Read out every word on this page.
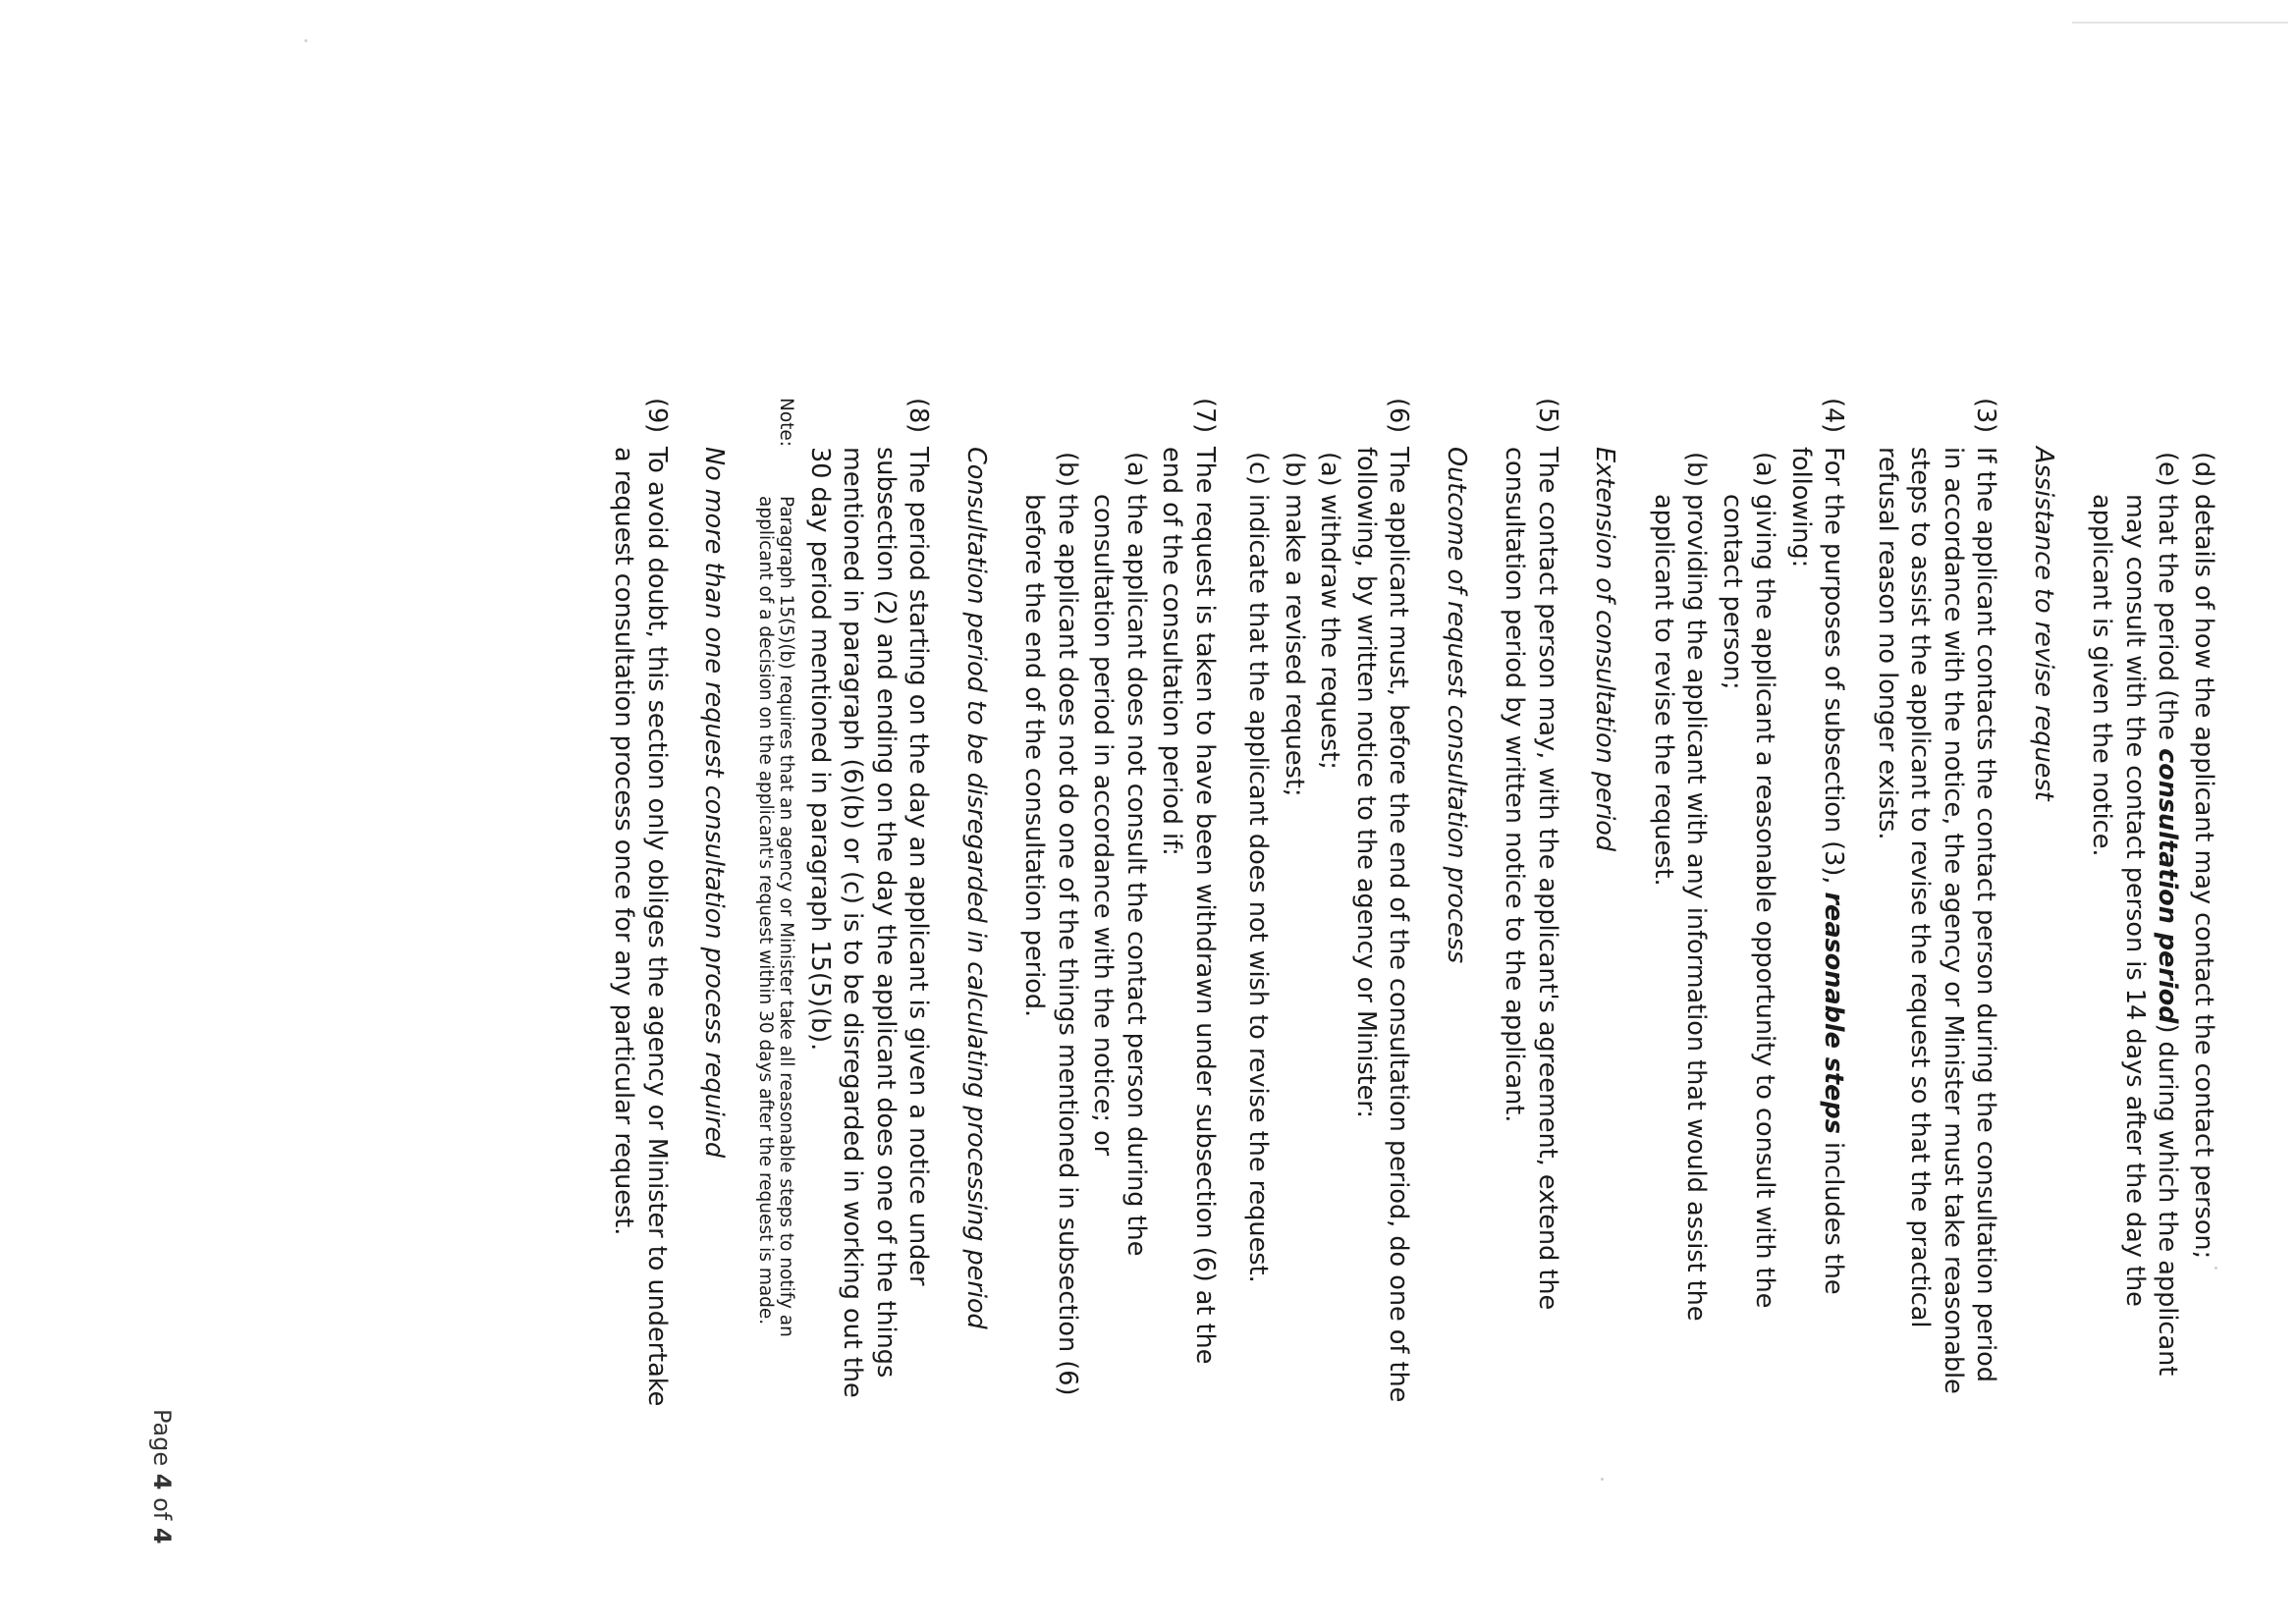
(d)
details of how the applicant may contact the contact person;

(e)
that the period (the consultation period) during which the applicant may consult with the contact person is 14 days after the day the applicant is given the notice.

Assistance to revise request

(3)
If the applicant contacts the contact person during the consultation period in accordance with the notice, the agency or Minister must take reasonable steps to assist the applicant to revise the request so that the practical refusal reason no longer exists.

(4)
For the purposes of subsection (3), reasonable steps includes the following:

(a)
giving the applicant a reasonable opportunity to consult with the contact person;

(b)
providing the applicant with any information that would assist the applicant to revise the request.

Extension of consultation period

(5)
The contact person may, with the applicant's agreement, extend the consultation period by written notice to the applicant.

Outcome of request consultation process

(6)
The applicant must, before the end of the consultation period, do one of the following, by written notice to the agency or Minister:

(a)
withdraw the request;

(b)
make a revised request;

(c)
indicate that the applicant does not wish to revise the request.

(7)
The request is taken to have been withdrawn under subsection (6) at the end of the consultation period if:

(a)
the applicant does not consult the contact person during the consultation period in accordance with the notice; or

(b)
the applicant does not do one of the things mentioned in subsection (6) before the end of the consultation period.

Consultation period to be disregarded in calculating processing period

(8)
The period starting on the day an applicant is given a notice under subsection (2) and ending on the day the applicant does one of the things mentioned in paragraph (6)(b) or (c) is to be disregarded in working out the 30 day period mentioned in paragraph 15(5)(b).

Note:
Paragraph 15(5)(b) requires that an agency or Minister take all reasonable steps to notify an applicant of a decision on the applicant's request within 30 days after the request is made.

No more than one request consultation process required

(9)
To avoid doubt, this section only obliges the agency or Minister to undertake a request consultation process once for any particular request.

Page 4 of 4
